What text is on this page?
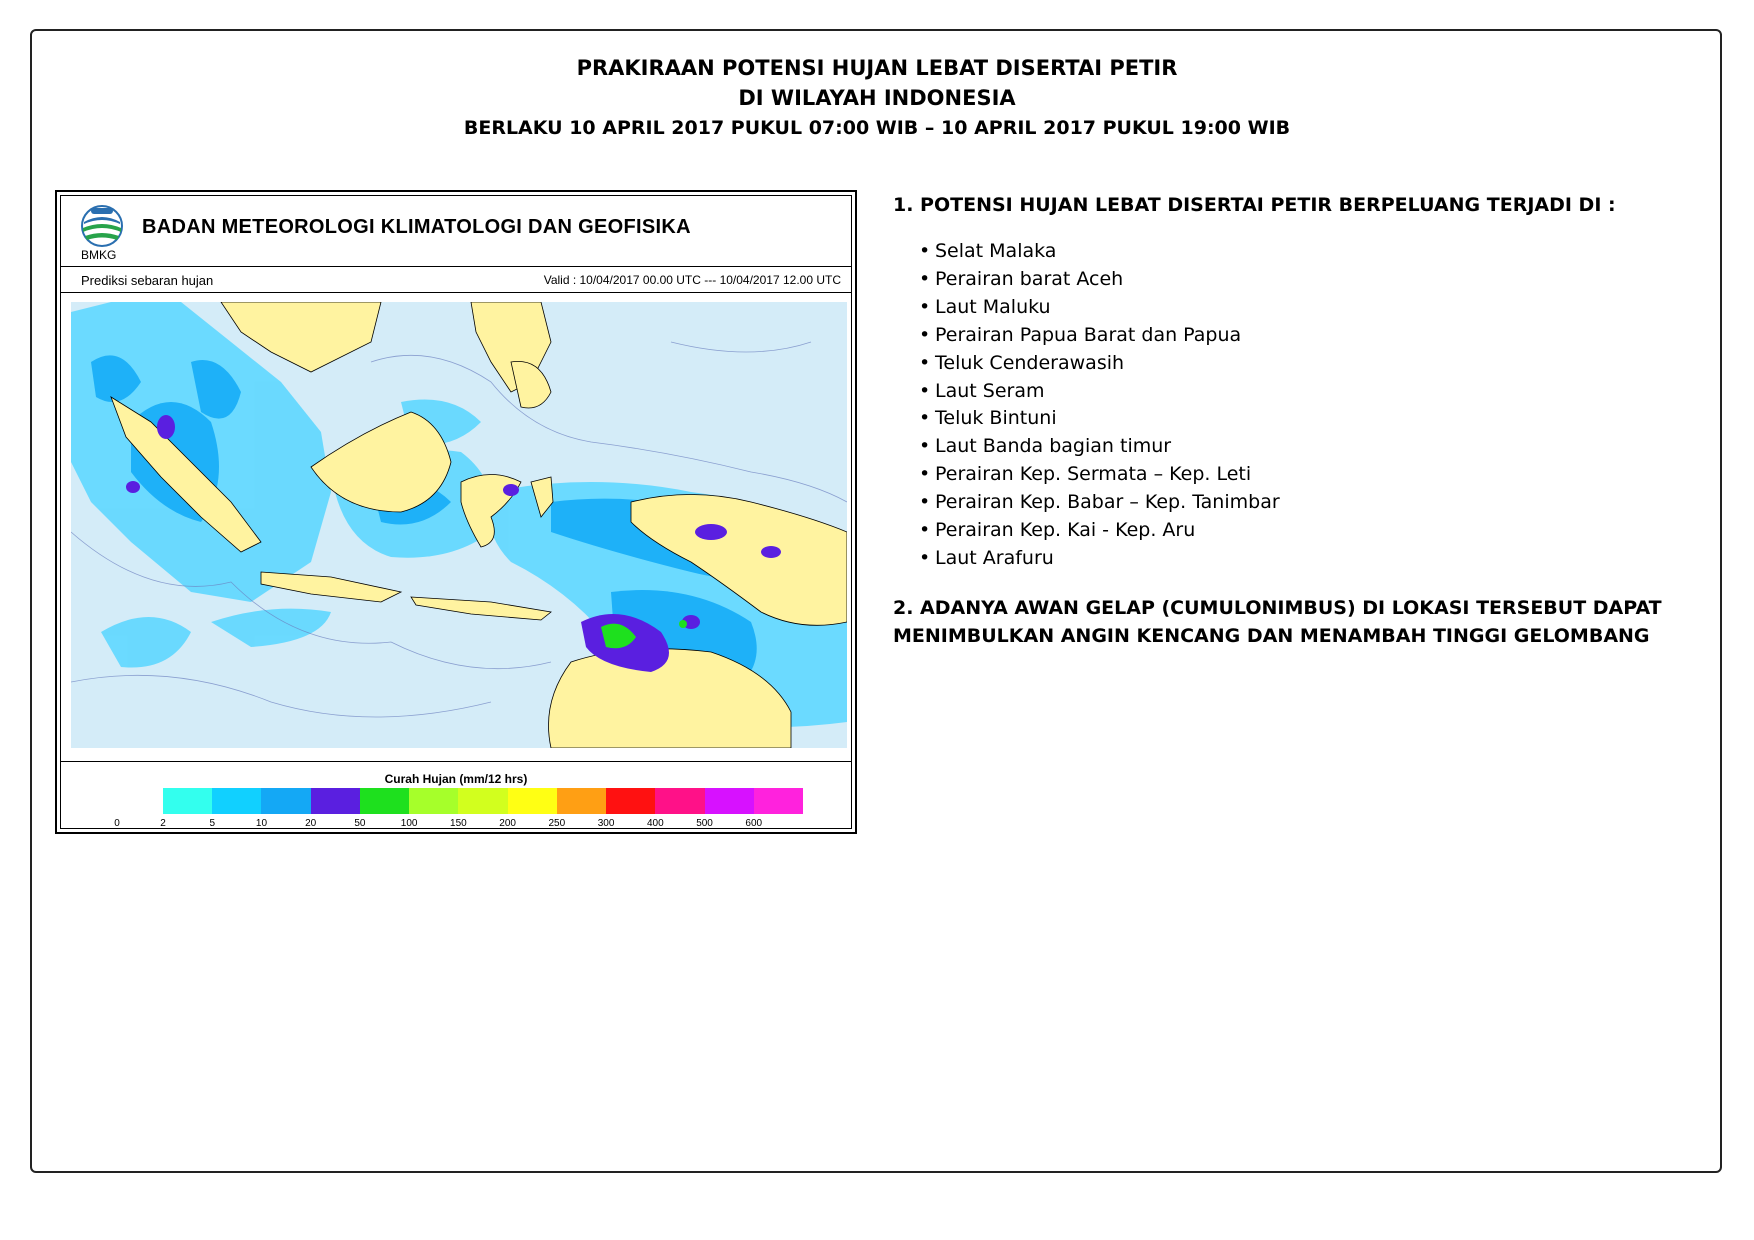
PRAKIRAAN POTENSI HUJAN LEBAT DISERTAI PETIR
DI WILAYAH INDONESIA
BERLAKU 10 APRIL 2017 PUKUL 07:00 WIB – 10 APRIL 2017 PUKUL 19:00 WIB
BMKG
BADAN METEOROLOGI KLIMATOLOGI DAN GEOFISIKA
Prediksi sebaran hujan	Valid : 10/04/2017 00.00 UTC --- 10/04/2017 12.00 UTC
Curah Hujan (mm/12 hrs)
0	2	5	10	20	50	100	150	200	250	300	400	500	600

1. POTENSI HUJAN LEBAT DISERTAI PETIR BERPELUANG TERJADI DI :

• Selat Malaka
• Perairan barat Aceh
• Laut Maluku
• Perairan Papua Barat dan Papua
• Teluk Cenderawasih
• Laut Seram
• Teluk Bintuni
• Laut Banda bagian timur
• Perairan Kep. Sermata – Kep. Leti
• Perairan Kep. Babar – Kep. Tanimbar
• Perairan Kep. Kai - Kep. Aru
• Laut Arafuru

2. ADANYA AWAN GELAP (CUMULONIMBUS) DI LOKASI TERSEBUT DAPAT
MENIMBULKAN ANGIN KENCANG DAN MENAMBAH TINGGI GELOMBANG
